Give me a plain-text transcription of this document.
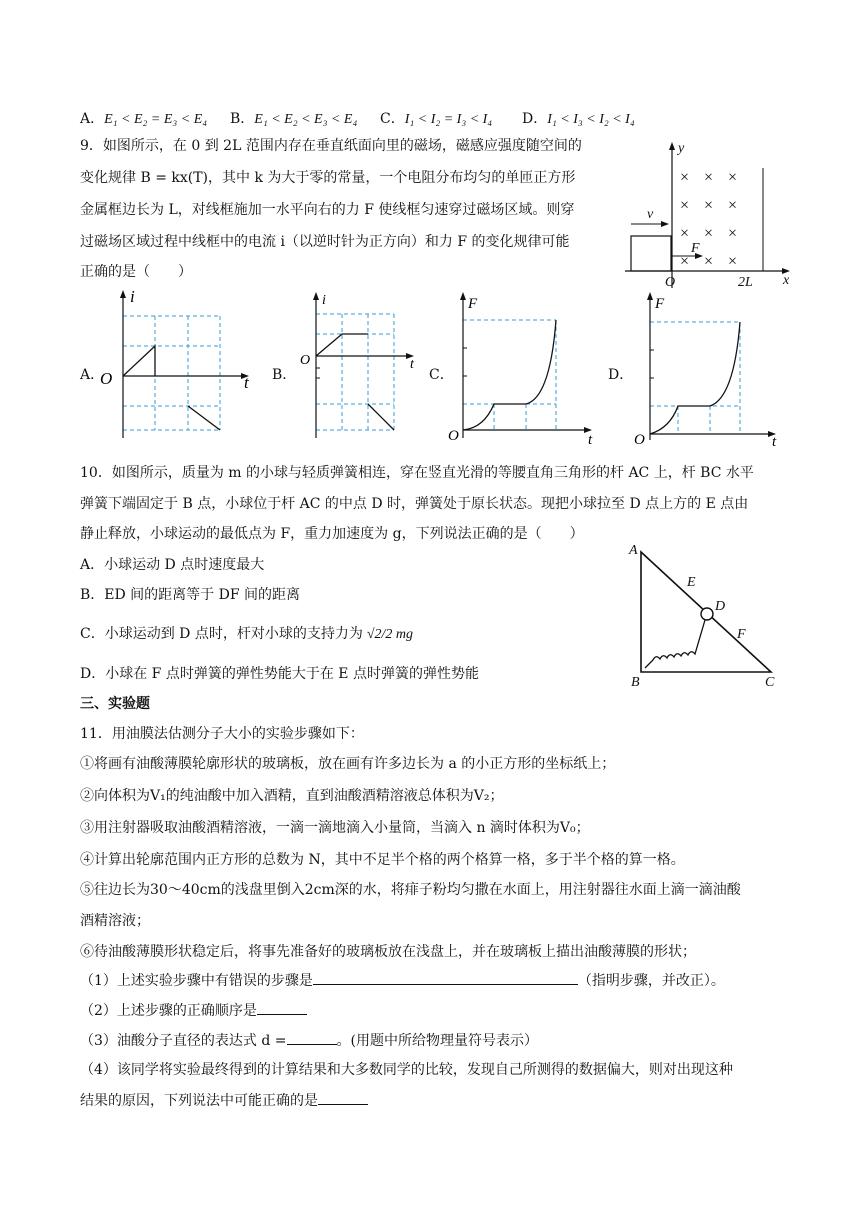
A．E₁ < E₂ = E₃ < E₄ B．E₁ < E₂ < E₃ < E₄ C．I₁ < I₂ = I₃ < I₄ D．I₁ < I₃ < I₂ < I₄
9．如图所示，在 0 到 2L 范围内存在垂直纸面向里的磁场，磁感应强度随空间的
变化规律 B = kx(T)，其中 k 为大于零的常量，一个电阻分布均匀的单匝正方形
金属框边长为 L，对线框施加一水平向右的力 F 使线框匀速穿过磁场区域。则穿
过磁场区域过程中线框中的电流 i（以逆时针为正方向）和力 F 的变化规律可能
正确的是（　　）
× × ×
× × ×
× × ×
× × ×
y
x
O	2L
v
F
A．	B．	C．	D．
i
t
O
i
t
O
F
t
O
F
t
O
10．如图所示，质量为 m 的小球与轻质弹簧相连，穿在竖直光滑的等腰直角三角形的杆 AC 上，杆 BC 水平
弹簧下端固定于 B 点，小球位于杆 AC 的中点 D 时，弹簧处于原长状态。现把小球拉至 D 点上方的 E 点由
静止释放，小球运动的最低点为 F，重力加速度为 g，下列说法正确的是（　　）
A．小球运动 D 点时速度最大
B．ED 间的距离等于 DF 间的距离
C．小球运动到 D 点时，杆对小球的支持力为 √2/2 mg
D．小球在 F 点时弹簧的弹性势能大于在 E 点时弹簧的弹性势能
A
B	C
D
E
F
三、实验题
11．用油膜法估测分子大小的实验步骤如下：
①将画有油酸薄膜轮廓形状的玻璃板，放在画有许多边长为 a 的小正方形的坐标纸上；
②向体积为V₁的纯油酸中加入酒精，直到油酸酒精溶液总体积为V₂；
③用注射器吸取油酸酒精溶液，一滴一滴地滴入小量筒，当滴入 n 滴时体积为V₀；
④计算出轮廓范围内正方形的总数为 N，其中不足半个格的两个格算一格，多于半个格的算一格。
⑤往边长为30～40cm的浅盘里倒入2cm深的水，将痱子粉均匀撒在水面上，用注射器往水面上滴一滴油酸
酒精溶液；
⑥待油酸薄膜形状稳定后，将事先准备好的玻璃板放在浅盘上，并在玻璃板上描出油酸薄膜的形状；
（1）上述实验步骤中有错误的步骤是	（指明步骤，并改正）。
（2）上述步骤的正确顺序是
（3）油酸分子直径的表达式 d =	。(用题中所给物理量符号表示）
（4）该同学将实验最终得到的计算结果和大多数同学的比较，发现自己所测得的数据偏大，则对出现这种
结果的原因，下列说法中可能正确的是
